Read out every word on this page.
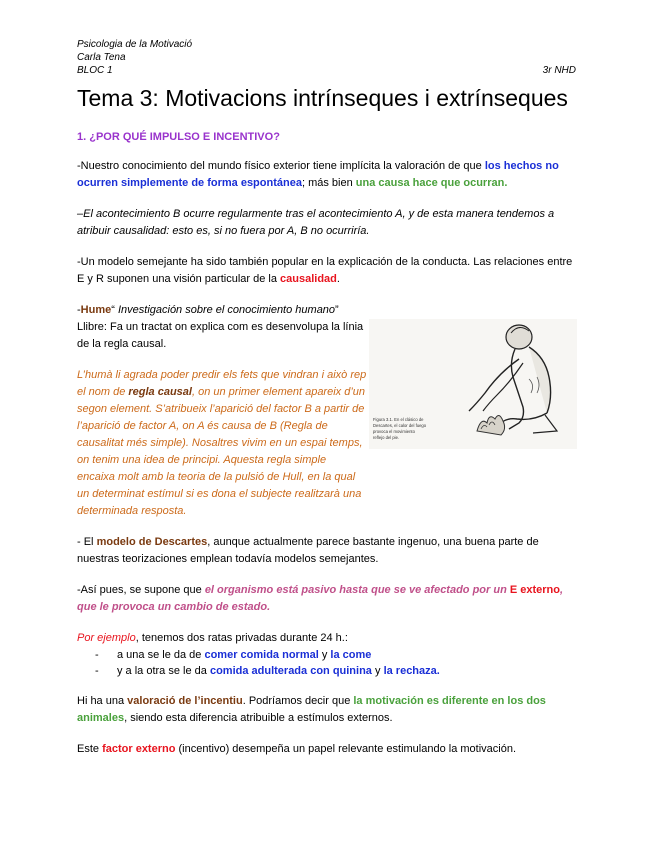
Psicologia de la Motivació
Carla Tena
BLOC 1	3r NHD
Tema 3: Motivacions intrínseques i extrínseques
1. ¿POR QUÉ IMPULSO E INCENTIVO?

-Nuestro conocimiento del mundo físico exterior tiene implícita la valoración de que los hechos no ocurren simplemente de forma espontánea; más bien una causa hace que ocurran.

–El acontecimiento B ocurre regularmente tras el acontecimiento A, y de esta manera tendemos a atribuir causalidad: esto es, si no fuera por A, B no ocurriría.

-Un modelo semejante ha sido también popular en la explicación de la conducta. Las relaciones entre E y R suponen una visión particular de la causalidad.

-Hume“ Investigación sobre el conocimiento humano” Llibre: Fa un tractat on explica com es desenvolupa la línia de la regla causal.

L’humà li agrada poder predir els fets que vindran i això rep el nom de regla causal, on un primer element apareix d’un segon element. S’atribueix l’aparició del factor B a partir de l’aparició de factor A, on A és causa de B (Regla de causalitat més simple). Nosaltres vivim en un espai temps, on tenim una idea de principi. Aquesta regla simple encaixa molt amb la teoria de la pulsió de Hull, en la qual un determinat estímul si es dona el subjecte realitzarà una determinada resposta.

Figura 3.1. En el clásico de
Descartes, el calor del fuego
provoca el movimiento
reflejo del pie.

- El modelo de Descartes, aunque actualmente parece bastante ingenuo, una buena parte de nuestras teorizaciones emplean todavía modelos semejantes.

-Así pues, se supone que el organismo está pasivo hasta que se ve afectado por un E externo, que le provoca un cambio de estado.

Por ejemplo, tenemos dos ratas privadas durante 24 h.:

- a una se le da de comer comida normal y la come
- y a la otra se le da comida adulterada con quinina y la rechaza.

Hi ha una valoració de l’incentiu. Podríamos decir que la motivación es diferente en los dos animales, siendo esta diferencia atribuible a estímulos externos.

Este factor externo (incentivo) desempeña un papel relevante estimulando la motivación.
